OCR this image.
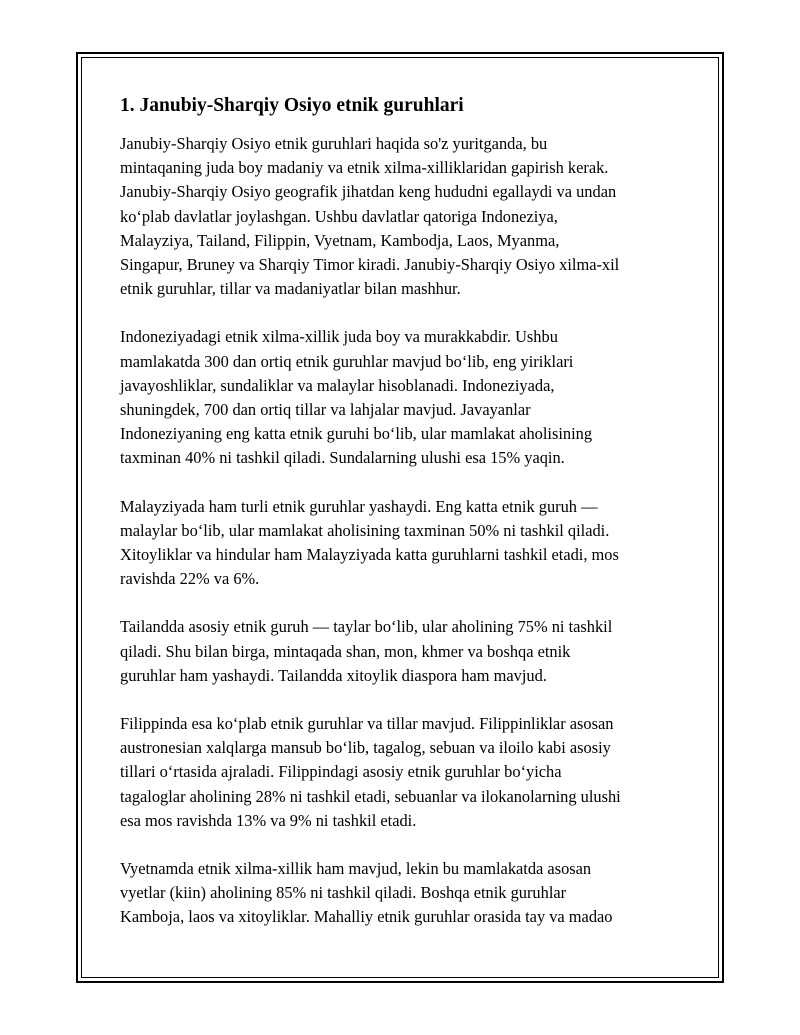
1. Janubiy-Sharqiy Osiyo etnik guruhlari

Janubiy-Sharqiy Osiyo etnik guruhlari haqida so'z yuritganda, bu
mintaqaning juda boy madaniy va etnik xilma-xilliklaridan gapirish kerak.
Janubiy-Sharqiy Osiyo geografik jihatdan keng hududni egallaydi va undan
koʻplab davlatlar joylashgan. Ushbu davlatlar qatoriga Indoneziya,
Malayziya, Tailand, Filippin, Vyetnam, Kambodja, Laos, Myanma,
Singapur, Bruney va Sharqiy Timor kiradi. Janubiy-Sharqiy Osiyo xilma-xil
etnik guruhlar, tillar va madaniyatlar bilan mashhur.

Indoneziyadagi etnik xilma-xillik juda boy va murakkabdir. Ushbu
mamlakatda 300 dan ortiq etnik guruhlar mavjud boʻlib, eng yiriklari
javayoshliklar, sundaliklar va malaylar hisoblanadi. Indoneziyada,
shuningdek, 700 dan ortiq tillar va lahjalar mavjud. Javayanlar
Indoneziyaning eng katta etnik guruhi boʻlib, ular mamlakat aholisining
taxminan 40% ni tashkil qiladi. Sundalarning ulushi esa 15% yaqin.

Malayziyada ham turli etnik guruhlar yashaydi. Eng katta etnik guruh —
malaylar boʻlib, ular mamlakat aholisining taxminan 50% ni tashkil qiladi.
Xitoyliklar va hindular ham Malayziyada katta guruhlarni tashkil etadi, mos
ravishda 22% va 6%.

Tailandda asosiy etnik guruh — taylar boʻlib, ular aholining 75% ni tashkil
qiladi. Shu bilan birga, mintaqada shan, mon, khmer va boshqa etnik
guruhlar ham yashaydi. Tailandda xitoylik diaspora ham mavjud.

Filippinda esa koʻplab etnik guruhlar va tillar mavjud. Filippinliklar asosan
austronesian xalqlarga mansub boʻlib, tagalog, sebuan va iloilo kabi asosiy
tillari oʻrtasida ajraladi. Filippindagi asosiy etnik guruhlar boʻyicha
tagaloglar aholining 28% ni tashkil etadi, sebuanlar va ilokanolarning ulushi
esa mos ravishda 13% va 9% ni tashkil etadi.

Vyetnamda etnik xilma-xillik ham mavjud, lekin bu mamlakatda asosan
vyetlar (kiin) aholining 85% ni tashkil qiladi. Boshqa etnik guruhlar
Kamboja, laos va xitoyliklar. Mahalliy etnik guruhlar orasida tay va madao
